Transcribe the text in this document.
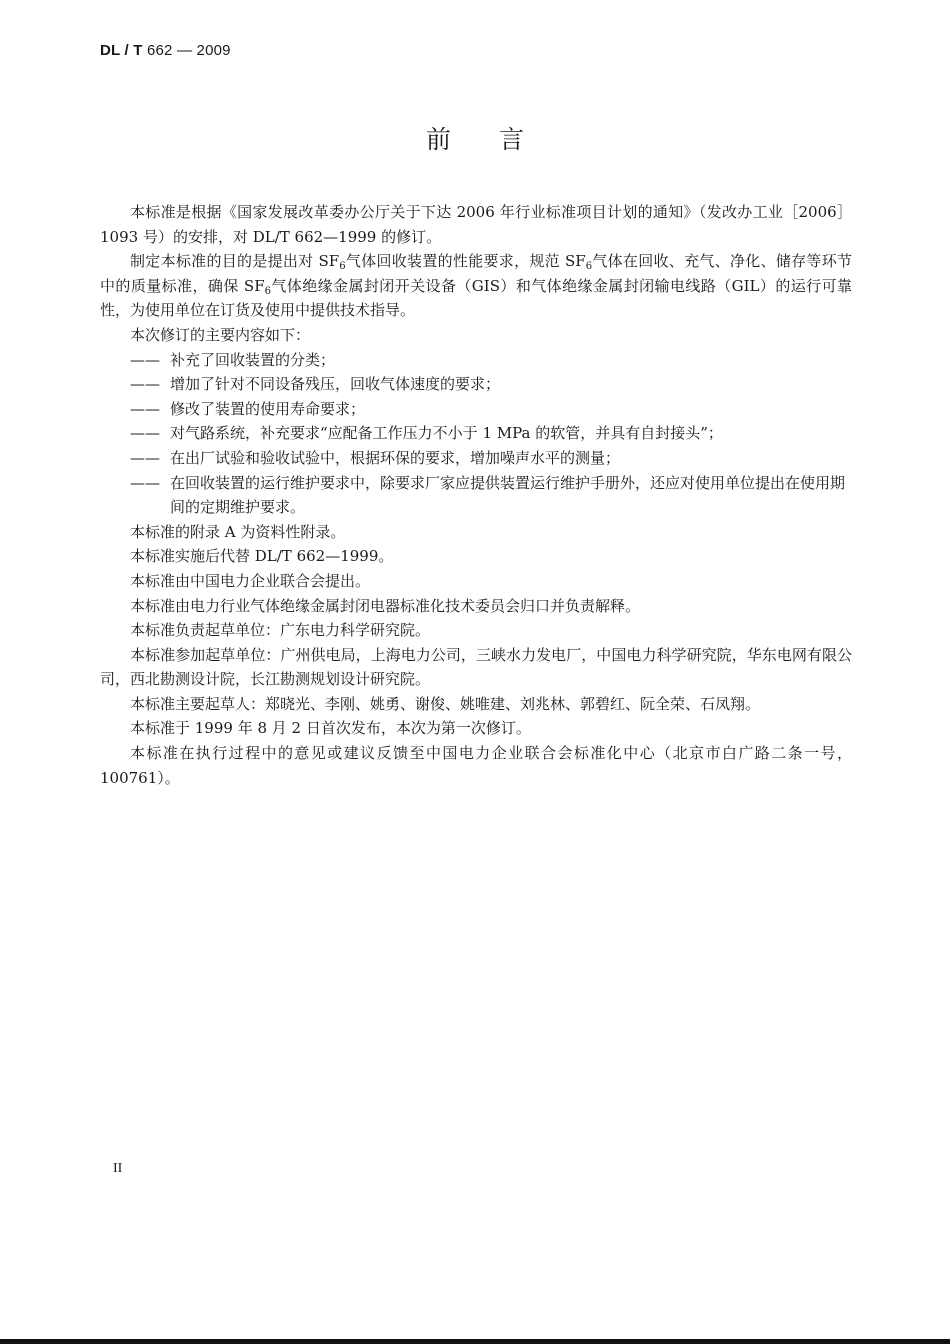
DL / T 662 — 2009
前言

本标准是根据《国家发展改革委办公厅关于下达 2006 年行业标准项目计划的通知》（发改办工业［2006］1093 号）的安排，对 DL/T 662—1999 的修订。

制定本标准的目的是提出对 $SF_6$气体回收装置的性能要求，规范 $SF_6$气体在回收、充气、净化、储存等环节中的质量标准，确保 $SF_6$气体绝缘金属封闭开关设备（GIS）和气体绝缘金属封闭输电线路（GIL）的运行可靠性，为使用单位在订货及使用中提供技术指导。

本次修订的主要内容如下：

—— 补充了回收装置的分类；
—— 增加了针对不同设备残压，回收气体速度的要求；
—— 修改了装置的使用寿命要求；
—— 对气路系统，补充要求“应配备工作压力不小于 1 MPa 的软管，并具有自封接头”；
—— 在出厂试验和验收试验中，根据环保的要求，增加噪声水平的测量；
—— 在回收装置的运行维护要求中，除要求厂家应提供装置运行维护手册外，还应对使用单位提出在使用期间的定期维护要求。

本标准的附录 A 为资料性附录。

本标准实施后代替 DL/T 662—1999。

本标准由中国电力企业联合会提出。

本标准由电力行业气体绝缘金属封闭电器标准化技术委员会归口并负责解释。

本标准负责起草单位：广东电力科学研究院。

本标准参加起草单位：广州供电局，上海电力公司，三峡水力发电厂，中国电力科学研究院，华东电网有限公司，西北勘测设计院，长江勘测规划设计研究院。

本标准主要起草人：郑晓光、李刚、姚勇、谢俊、姚唯建、刘兆林、郭碧红、阮全荣、石凤翔。

本标准于 1999 年 8 月 2 日首次发布，本次为第一次修订。

本标准在执行过程中的意见或建议反馈至中国电力企业联合会标准化中心（北京市白广路二条一号，100761）。

II
